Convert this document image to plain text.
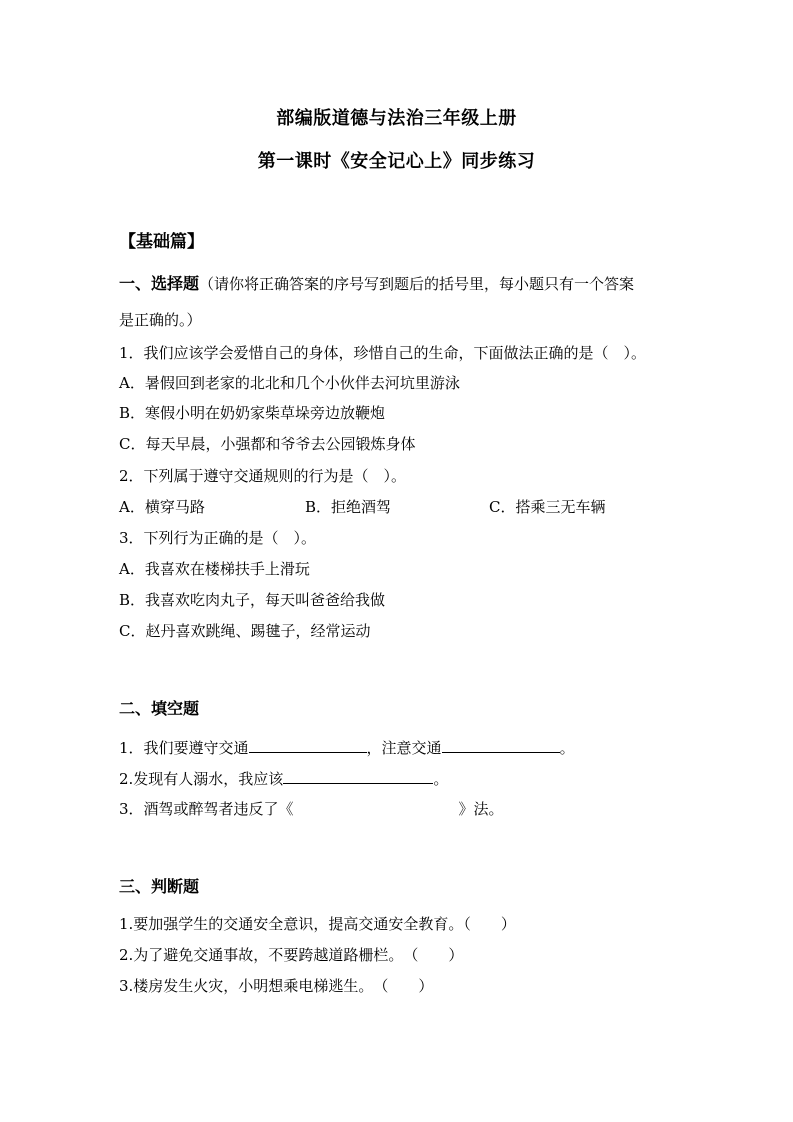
部编版道德与法治三年级上册
第一课时《安全记心上》同步练习
【基础篇】
一、选择题（请你将正确答案的序号写到题后的括号里，每小题只有一个答案
是正确的。）
1．我们应该学会爱惜自己的身体，珍惜自己的生命，下面做法正确的是（　）。
A．暑假回到老家的北北和几个小伙伴去河坑里游泳
B．寒假小明在奶奶家柴草垛旁边放鞭炮
C．每天早晨，小强都和爷爷去公园锻炼身体
2．下列属于遵守交通规则的行为是（　）。
A．横穿马路	B．拒绝酒驾	C．搭乘三无车辆
3．下列行为正确的是（　）。
A．我喜欢在楼梯扶手上滑玩
B．我喜欢吃肉丸子，每天叫爸爸给我做
C．赵丹喜欢跳绳、踢毽子，经常运动
二、填空题
1．我们要遵守交通	，注意交通	。
2.发现有人溺水，我应该	。
3．酒驾或醉驾者违反了《	》法。
三、判断题
1.要加强学生的交通安全意识，提高交通安全教育。（　　）
2.为了避免交通事故，不要跨越道路栅栏。　（　　）
3.楼房发生火灾，小明想乘电梯逃生。　（　　）
